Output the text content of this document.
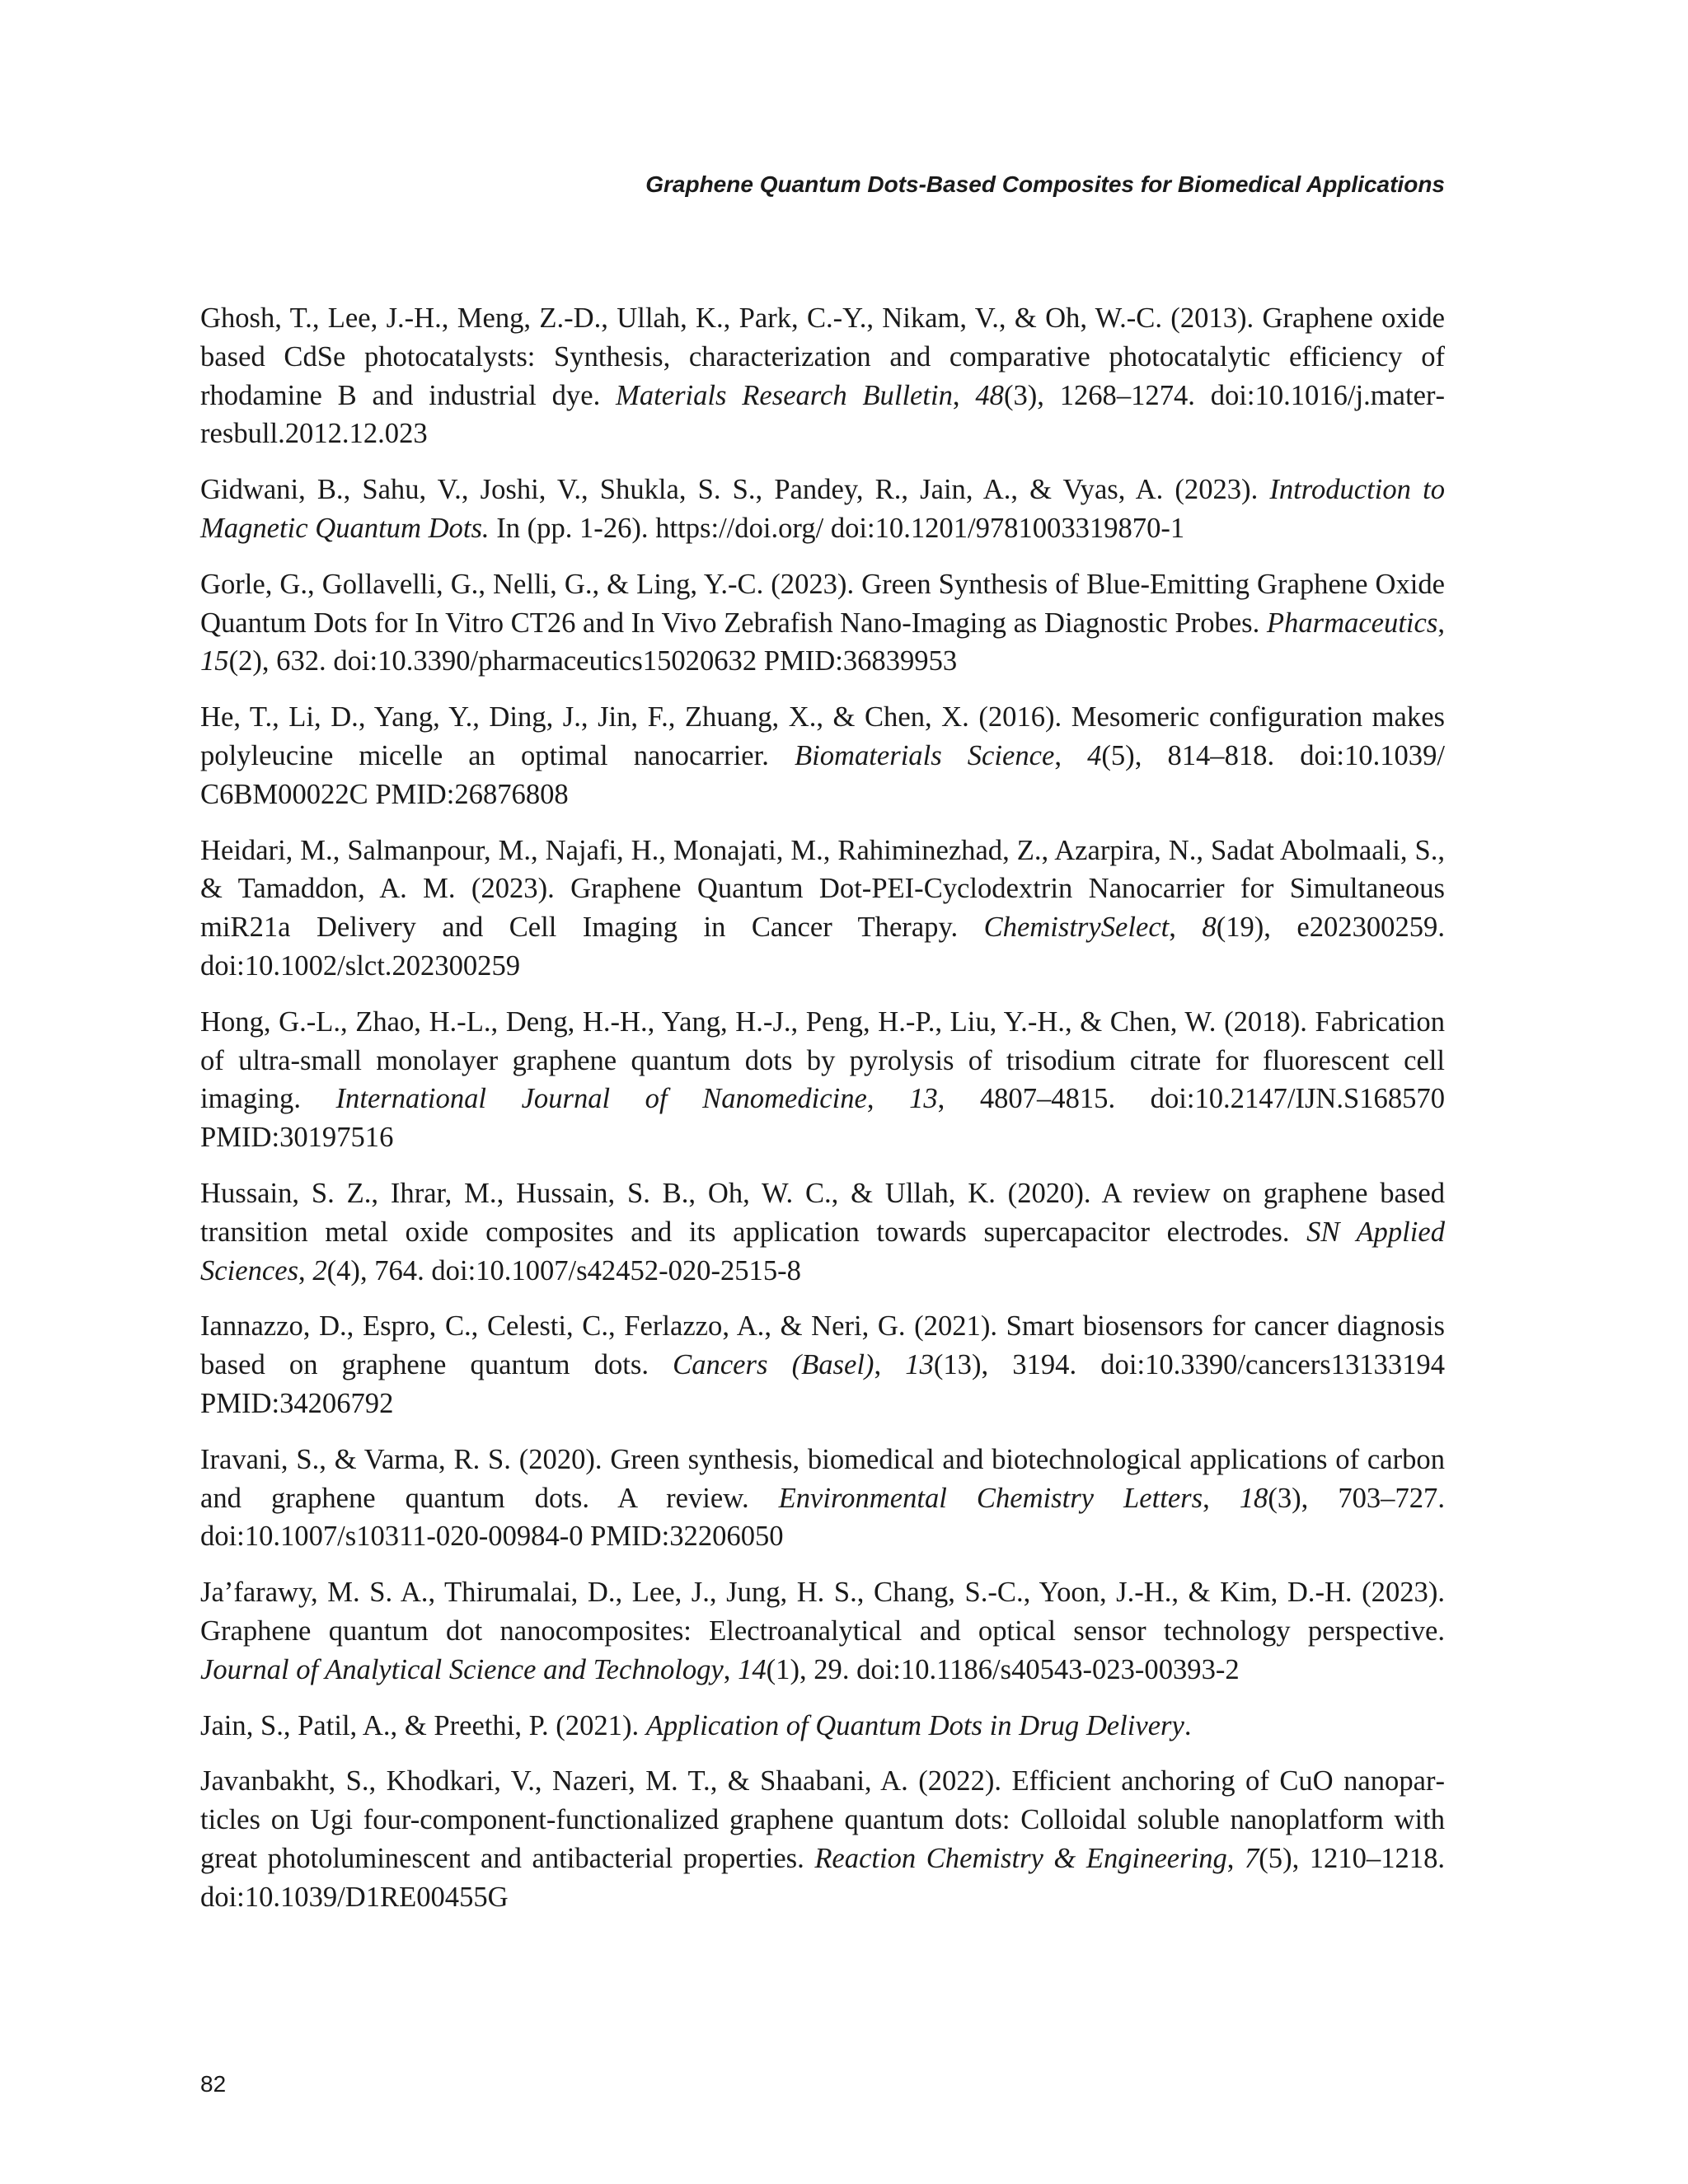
Graphene Quantum Dots-Based Composites for Biomedical Applications

Ghosh, T., Lee, J.-H., Meng, Z.-D., Ullah, K., Park, C.-Y., Nikam, V., & Oh, W.-C. (2013). Graphene oxide based CdSe photocatalysts: Synthesis, characterization and comparative photocatalytic efficiency of rhodamine B and industrial dye. Materials Research Bulletin, 48(3), 1268–1274. doi:10.1016/j.materresbull.2012.12.023

Gidwani, B., Sahu, V., Joshi, V., Shukla, S. S., Pandey, R., Jain, A., & Vyas, A. (2023). Introduction to Magnetic Quantum Dots. In (pp. 1-26). https://doi.org/ doi:10.1201/9781003319870-1

Gorle, G., Gollavelli, G., Nelli, G., & Ling, Y.-C. (2023). Green Synthesis of Blue-Emitting Graphene Oxide Quantum Dots for In Vitro CT26 and In Vivo Zebrafish Nano-Imaging as Diagnostic Probes. Pharmaceutics, 15(2), 632. doi:10.3390/pharmaceutics15020632 PMID:36839953

He, T., Li, D., Yang, Y., Ding, J., Jin, F., Zhuang, X., & Chen, X. (2016). Mesomeric configuration makes polyleucine micelle an optimal nanocarrier. Biomaterials Science, 4(5), 814–818. doi:10.1039/ C6BM00022C PMID:26876808

Heidari, M., Salmanpour, M., Najafi, H., Monajati, M., Rahiminezhad, Z., Azarpira, N., Sadat Abolmaali, S., & Tamaddon, A. M. (2023). Graphene Quantum Dot-PEI-Cyclodextrin Nanocarrier for Simultaneous miR21a Delivery and Cell Imaging in Cancer Therapy. ChemistrySelect, 8(19), e202300259. doi:10.1002/slct.202300259

Hong, G.-L., Zhao, H.-L., Deng, H.-H., Yang, H.-J., Peng, H.-P., Liu, Y.-H., & Chen, W. (2018). Fabrication of ultra-small monolayer graphene quantum dots by pyrolysis of trisodium citrate for fluorescent cell imaging. International Journal of Nanomedicine, 13, 4807–4815. doi:10.2147/IJN.S168570 PMID:30197516

Hussain, S. Z., Ihrar, M., Hussain, S. B., Oh, W. C., & Ullah, K. (2020). A review on graphene based transition metal oxide composites and its application towards supercapacitor electrodes. SN Applied Sciences, 2(4), 764. doi:10.1007/s42452-020-2515-8

Iannazzo, D., Espro, C., Celesti, C., Ferlazzo, A., & Neri, G. (2021). Smart biosensors for cancer diagnosis based on graphene quantum dots. Cancers (Basel), 13(13), 3194. doi:10.3390/cancers13133194 PMID:34206792

Iravani, S., & Varma, R. S. (2020). Green synthesis, biomedical and biotechnological applications of carbon and graphene quantum dots. A review. Environmental Chemistry Letters, 18(3), 703–727. doi:10.1007/s10311-020-00984-0 PMID:32206050

Ja’farawy, M. S. A., Thirumalai, D., Lee, J., Jung, H. S., Chang, S.-C., Yoon, J.-H., & Kim, D.-H. (2023). Graphene quantum dot nanocomposites: Electroanalytical and optical sensor technology perspective. Journal of Analytical Science and Technology, 14(1), 29. doi:10.1186/s40543-023-00393-2

Jain, S., Patil, A., & Preethi, P. (2021). Application of Quantum Dots in Drug Delivery.

Javanbakht, S., Khodkari, V., Nazeri, M. T., & Shaabani, A. (2022). Efficient anchoring of CuO nanoparticles on Ugi four-component-functionalized graphene quantum dots: Colloidal soluble nanoplatform with great photoluminescent and antibacterial properties. Reaction Chemistry & Engineering, 7(5), 1210–1218. doi:10.1039/D1RE00455G

82
